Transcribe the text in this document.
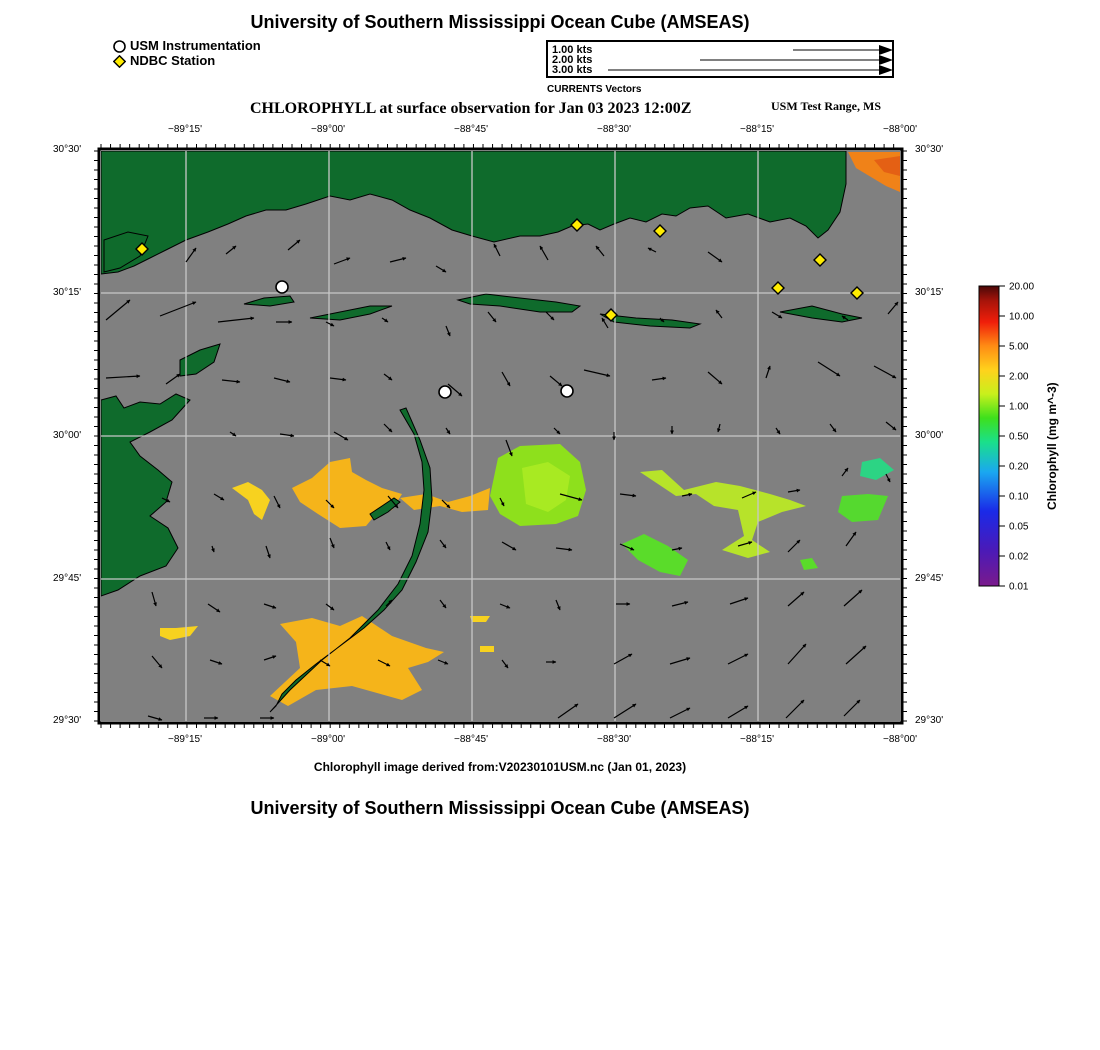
University of Southern Mississippi Ocean Cube (AMSEAS)
USM Instrumentation
NDBC Station
1.00 kts
2.00 kts
3.00 kts
CURRENTS Vectors
CHLOROPHYLL at surface observation for Jan 03 2023 12:00Z	USM Test Range, MS
−89°15'	−89°00'	−88°45'	−88°30'	−88°15'	−88°00'
−89°15'	−89°00'	−88°45'	−88°30'	−88°15'	−88°00'
30°30'
30°15'
30°00'
29°45'
29°30'
30°30'
30°15'
30°00'
29°45'
29°30'
20.00
10.00
5.00
2.00
1.00
0.50
0.20
0.10
0.05
0.02
0.01
Chlorophyll (mg m^-3)
Chlorophyll image derived from:V20230101USM.nc (Jan 01, 2023)
University of Southern Mississippi Ocean Cube (AMSEAS)
